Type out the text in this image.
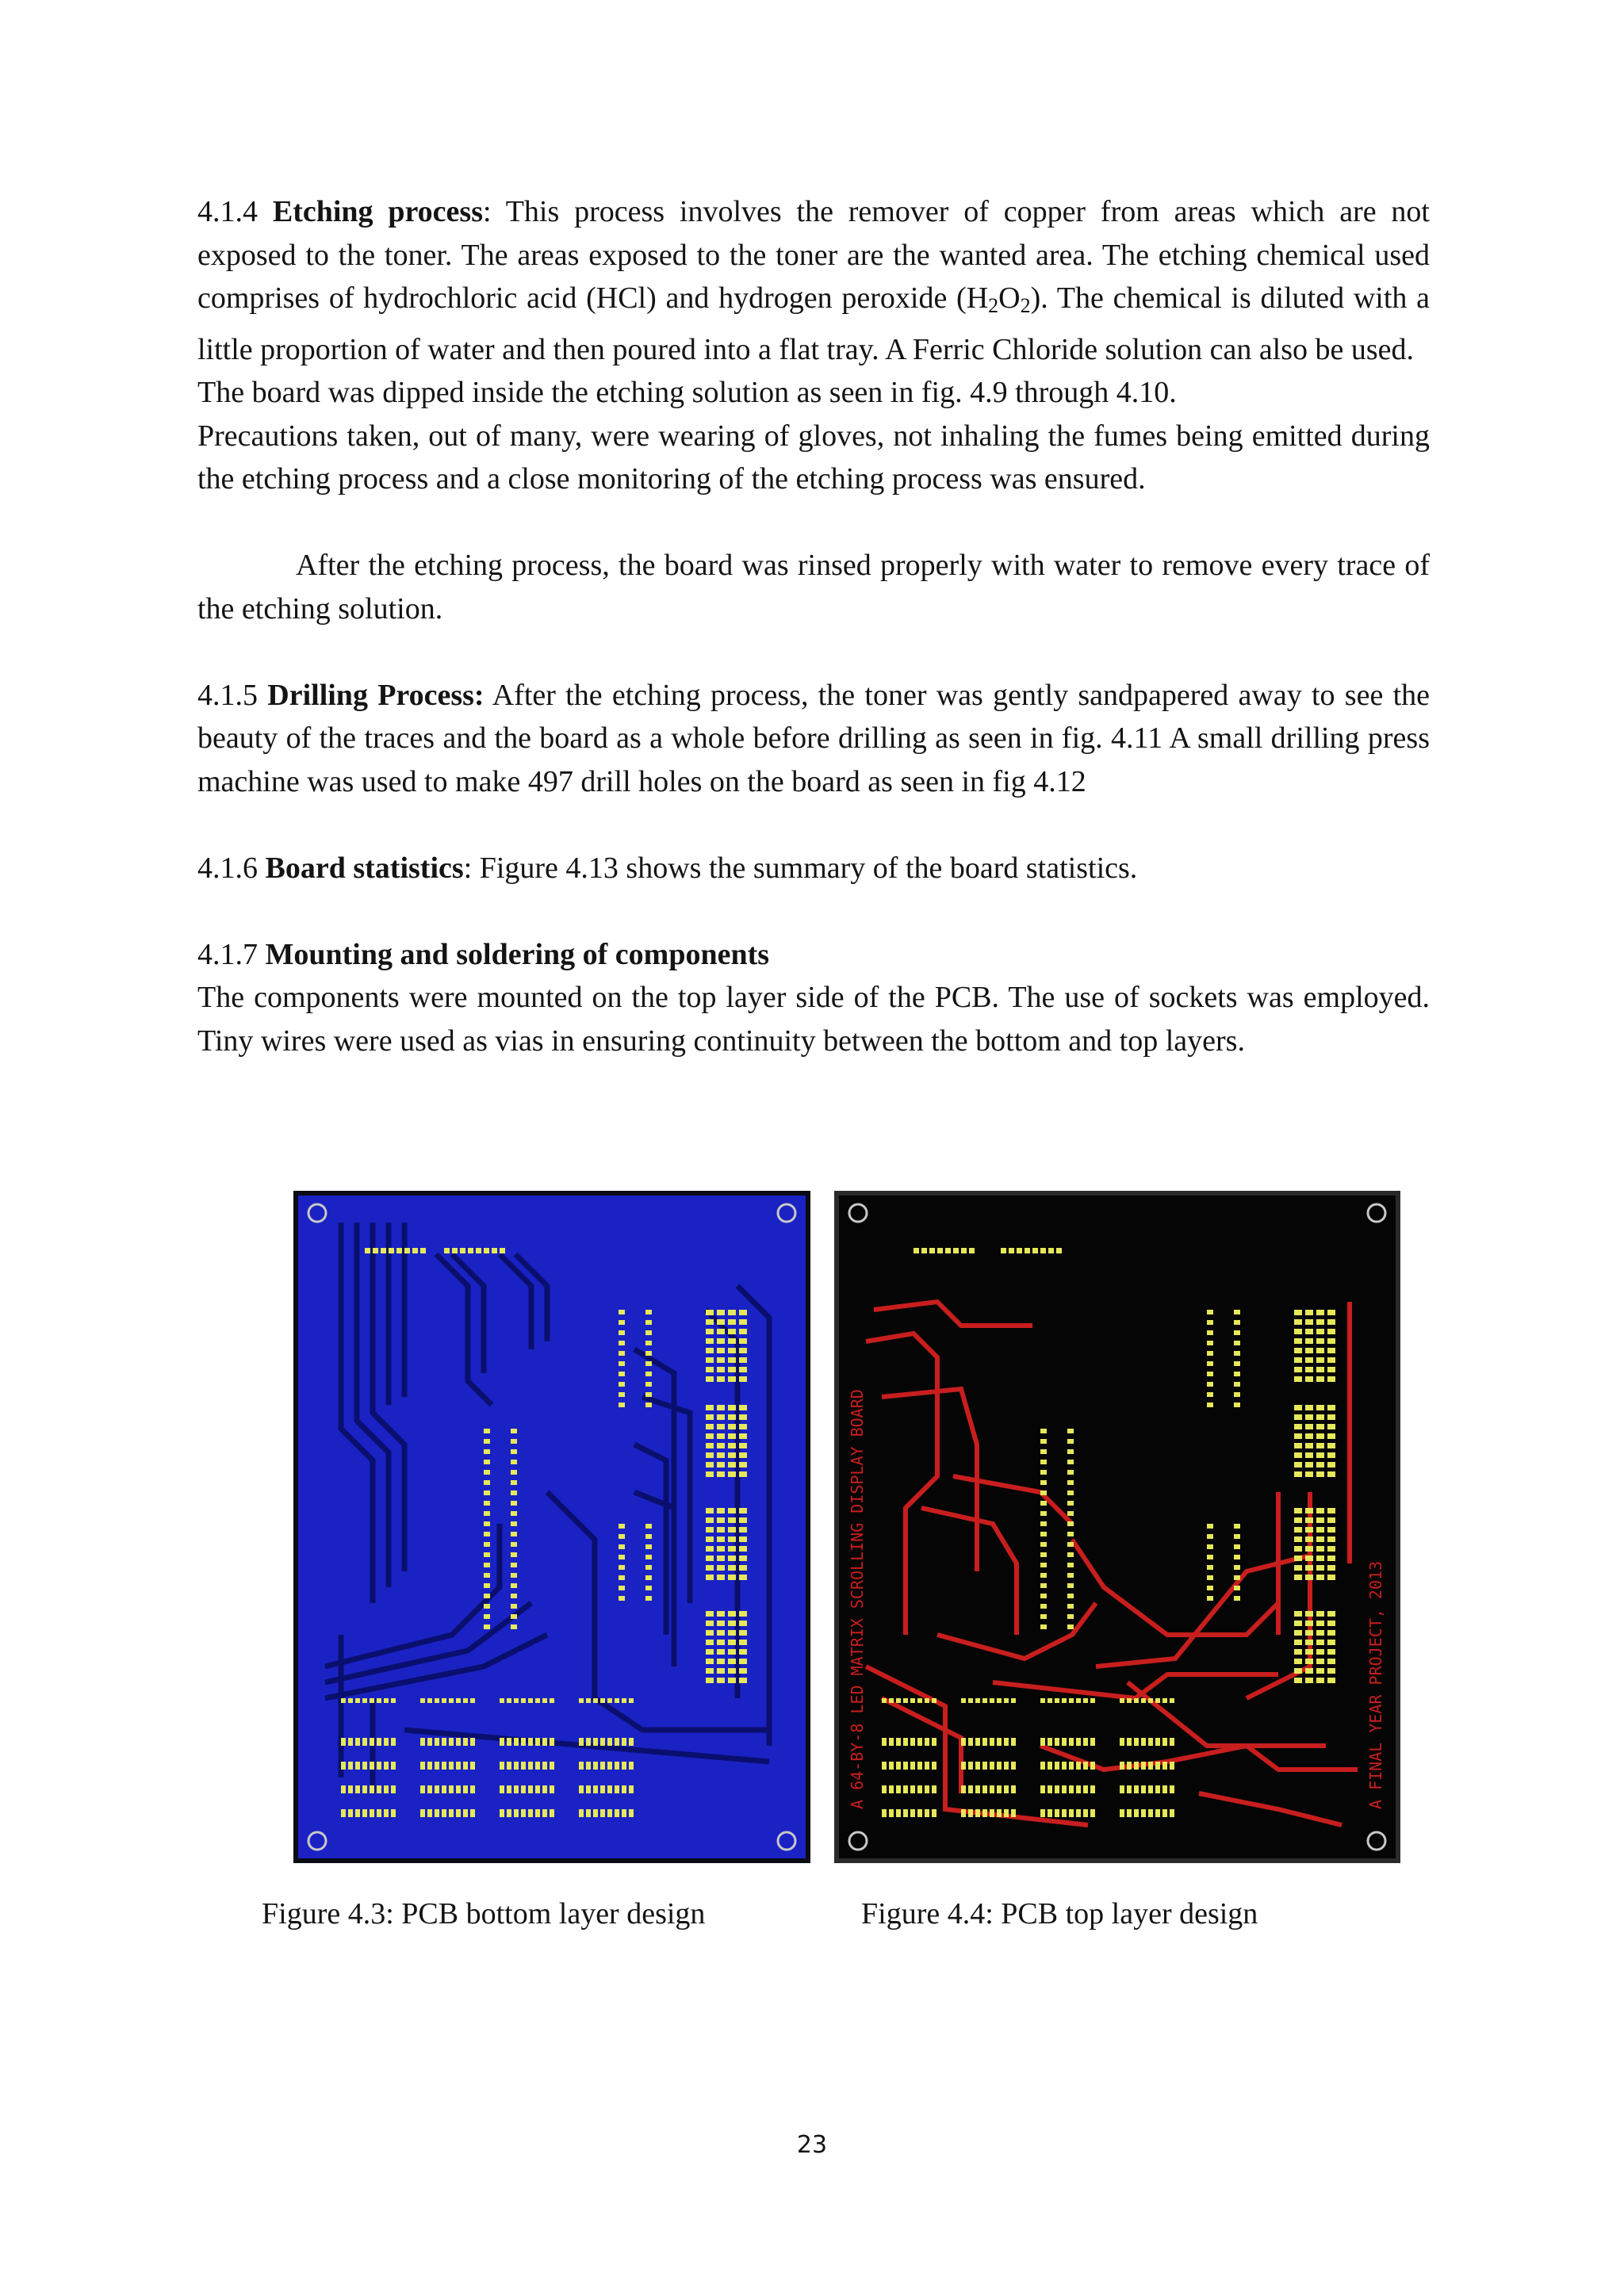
4.1.4 Etching process: This process involves the remover of copper from areas which are not exposed to the toner. The areas exposed to the toner are the wanted area. The etching chemical used comprises of hydrochloric acid (HCl) and hydrogen peroxide $(H_2O_2)$. The chemical is diluted with a little proportion of water and then poured into a flat tray. A Ferric Chloride solution can also be used.

The board was dipped inside the etching solution as seen in fig. 4.9 through 4.10.

Precautions taken, out of many, were wearing of gloves, not inhaling the fumes being emitted during the etching process and a close monitoring of the etching process was ensured.

After the etching process, the board was rinsed properly with water to remove every trace of the etching solution.

4.1.5 Drilling Process: After the etching process, the toner was gently sandpapered away to see the beauty of the traces and the board as a whole before drilling as seen in fig. 4.11 A small drilling press machine was used to make 497 drill holes on the board as seen in fig 4.12

4.1.6 Board statistics: Figure 4.13 shows the summary of the board statistics.

4.1.7 Mounting and soldering of components

The components were mounted on the top layer side of the PCB. The use of sockets was employed. Tiny wires were used as vias in ensuring continuity between the bottom and top layers.

A 64-BY-8 LED MATRIX SCROLLING DISPLAY BOARD	A FINAL YEAR PROJECT, 2013
Figure 4.3: PCB bottom layer design	Figure 4.4: PCB top layer design
23
